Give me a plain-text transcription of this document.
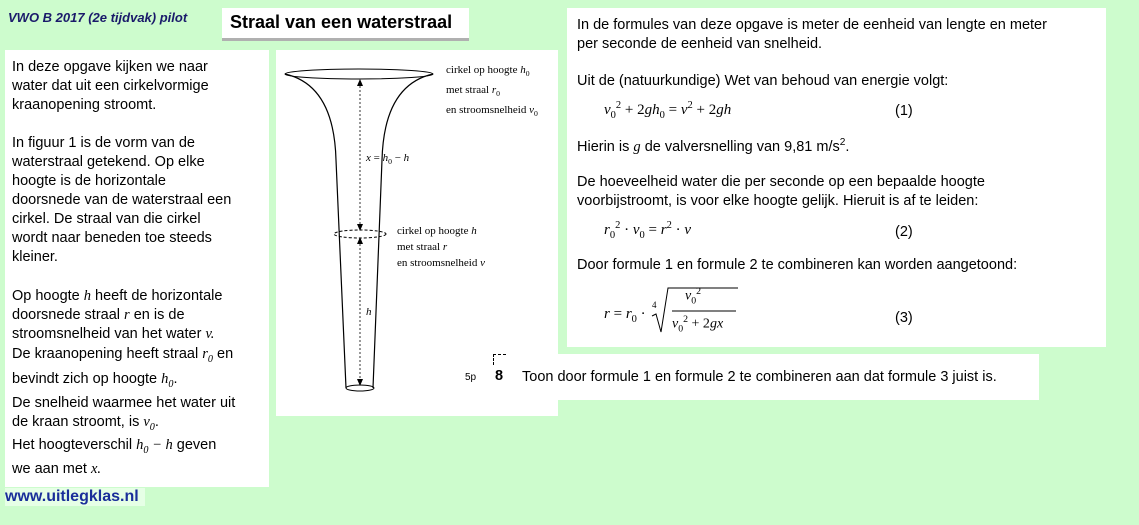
VWO B 2017 (2e tijdvak) pilot Straal van een waterstraal
In deze opgave kijken we naar
water dat uit een cirkelvormige
kraanopening stroomt.
In figuur 1 is de vorm van de
waterstraal getekend. Op elke
hoogte is de horizontale
doorsnede van de waterstraal een
cirkel. De straal van die cirkel
wordt naar beneden toe steeds
kleiner.
Op hoogte h heeft de horizontale
doorsnede straal r en is de
stroomsnelheid van het water v.
De kraanopening heeft straal $r_0$ en
bevindt zich op hoogte $h_0$.
De snelheid waarmee het water uit
de kraan stroomt, is $v_0$.
Het hoogteverschil $h_0 - h$ geven
we aan met x.
cirkel op hoogte $h_0$
met straal $r_0$
en stroomsnelheid $v_0$
cirkel op hoogte h
met straal r
en stroomsnelheid v
$x = h_0 - h$
h
In de formules van deze opgave is meter de eenheid van lengte en meter
per seconde de eenheid van snelheid.
Uit de (natuurkundige) Wet van behoud van energie volgt:
$v_0^2 + 2gh_0 = v^2 + 2gh$	(1)
Hierin is g de valversnelling van 9,81 $m/s^2$.
De hoeveelheid water die per seconde op een bepaalde hoogte
voorbijstroomt, is voor elke hoogte gelijk. Hieruit is af te leiden:
$r_0^2 \cdot v_0 = r^2 \cdot v$	(2)
Door formule 1 en formule 2 te combineren kan worden aangetoond:
$r = r_0$ ·
4
$v_0^2$
$v_0^2 + 2gx$	(3)
5p 8 Toon door formule 1 en formule 2 te combineren aan dat formule 3 juist is.
www.uitlegklas.nl
